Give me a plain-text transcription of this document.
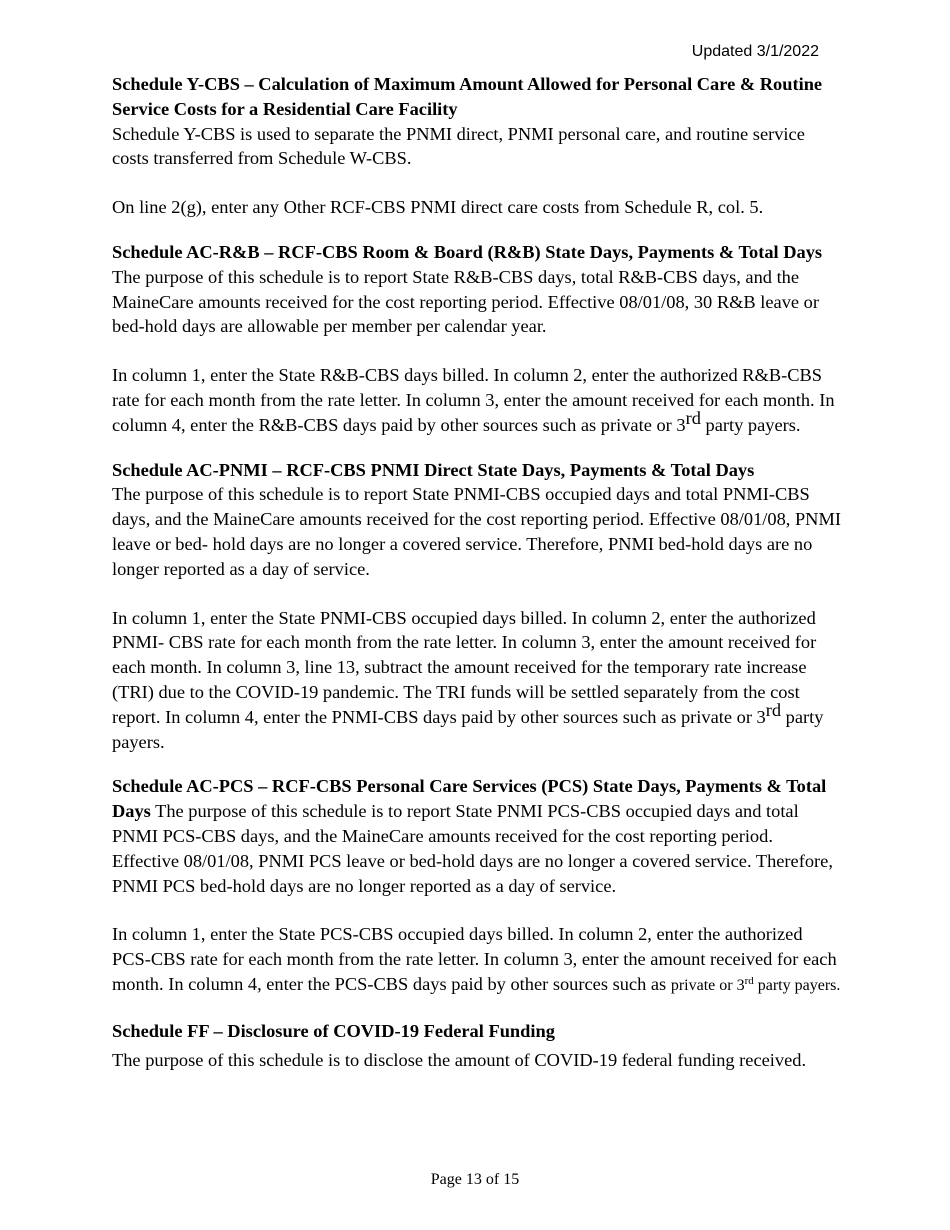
Updated 3/1/2022

Schedule Y-CBS – Calculation of Maximum Amount Allowed for Personal Care & Routine Service Costs for a Residential Care Facility

Schedule Y-CBS is used to separate the PNMI direct, PNMI personal care, and routine service costs transferred from Schedule W-CBS.

On line 2(g), enter any Other RCF-CBS PNMI direct care costs from Schedule R, col. 5.

Schedule AC-R&B – RCF-CBS Room & Board (R&B) State Days, Payments & Total Days

The purpose of this schedule is to report State R&B-CBS days, total R&B-CBS days, and the MaineCare amounts received for the cost reporting period. Effective 08/01/08, 30 R&B leave or bed-hold days are allowable per member per calendar year.

In column 1, enter the State R&B-CBS days billed. In column 2, enter the authorized R&B-CBS rate for each month from the rate letter. In column 3, enter the amount received for each month. In column 4, enter the R&B-CBS days paid by other sources such as private or 3rd party payers.

Schedule AC-PNMI – RCF-CBS PNMI Direct State Days, Payments & Total Days

The purpose of this schedule is to report State PNMI-CBS occupied days and total PNMI-CBS days, and the MaineCare amounts received for the cost reporting period. Effective 08/01/08, PNMI leave or bed- hold days are no longer a covered service. Therefore, PNMI bed-hold days are no longer reported as a day of service.

In column 1, enter the State PNMI-CBS occupied days billed. In column 2, enter the authorized PNMI- CBS rate for each month from the rate letter. In column 3, enter the amount received for each month. In column 3, line 13, subtract the amount received for the temporary rate increase (TRI) due to the COVID-19 pandemic. The TRI funds will be settled separately from the cost report. In column 4, enter the PNMI-CBS days paid by other sources such as private or 3rd party payers.

Schedule AC-PCS – RCF-CBS Personal Care Services (PCS) State Days, Payments & Total Days The purpose of this schedule is to report State PNMI PCS-CBS occupied days and total PNMI PCS-CBS days, and the MaineCare amounts received for the cost reporting period. Effective 08/01/08, PNMI PCS leave or bed-hold days are no longer a covered service. Therefore, PNMI PCS bed-hold days are no longer reported as a day of service.

In column 1, enter the State PCS-CBS occupied days billed. In column 2, enter the authorized PCS-CBS rate for each month from the rate letter. In column 3, enter the amount received for each month. In column 4, enter the PCS-CBS days paid by other sources such as private or 3rd party payers.

Schedule FF – Disclosure of COVID-19 Federal Funding

The purpose of this schedule is to disclose the amount of COVID-19 federal funding received.

Page 13 of 15
